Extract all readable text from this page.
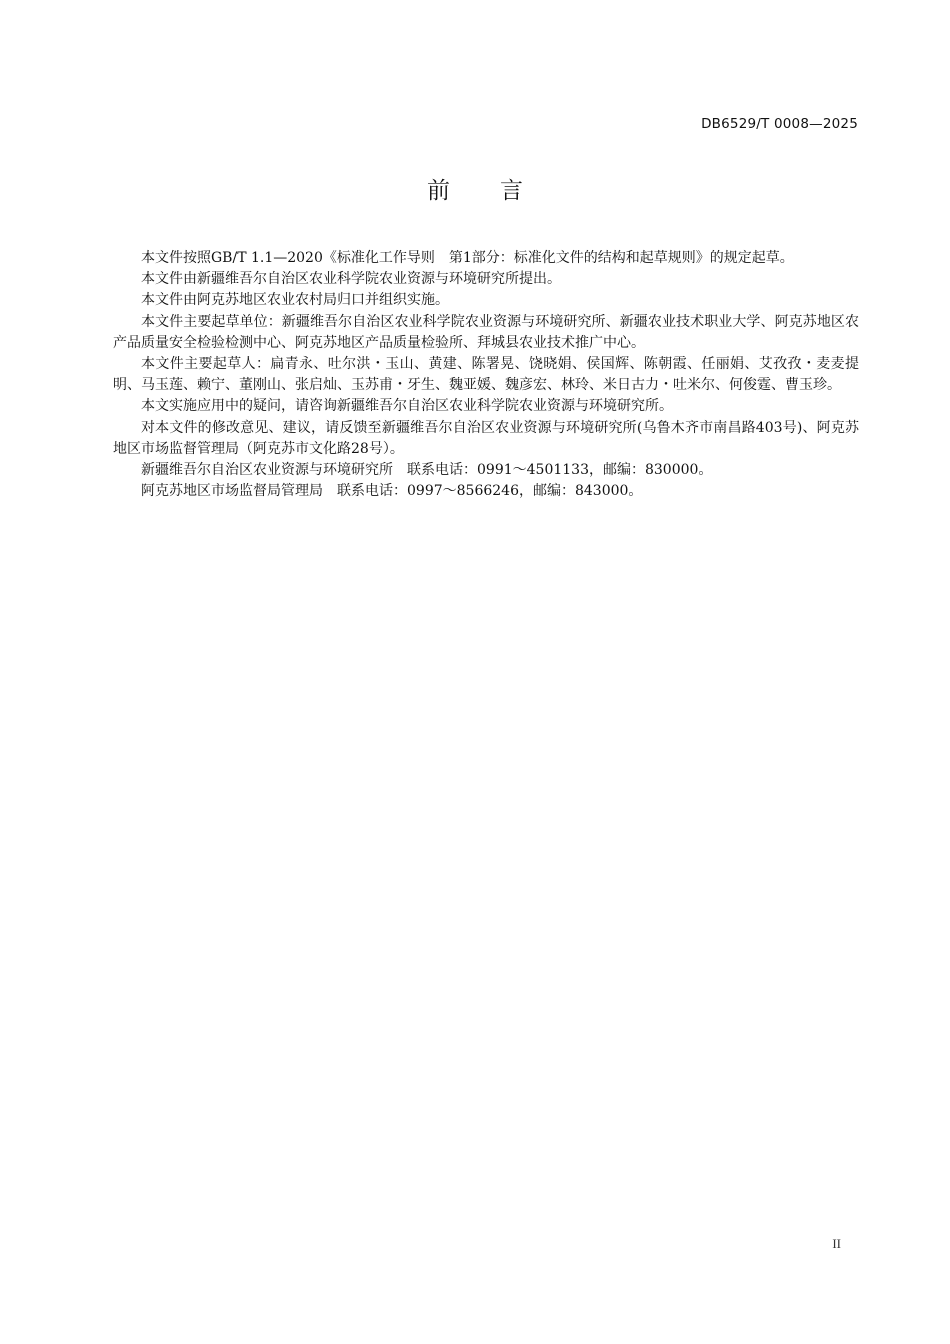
DB6529/T 0008—2025
前言

本文件按照GB/T 1.1—2020《标准化工作导则　第1部分：标准化文件的结构和起草规则》的规定起草。

本文件由新疆维吾尔自治区农业科学院农业资源与环境研究所提出。

本文件由阿克苏地区农业农村局归口并组织实施。

本文件主要起草单位：新疆维吾尔自治区农业科学院农业资源与环境研究所、新疆农业技术职业大学、阿克苏地区农产品质量安全检验检测中心、阿克苏地区产品质量检验所、拜城县农业技术推广中心。

本文件主要起草人：扁青永、吐尔洪・玉山、黄建、陈署晃、饶晓娟、侯国辉、陈朝霞、任丽娟、艾孜孜・麦麦提明、马玉莲、赖宁、董刚山、张启灿、玉苏甫・牙生、魏亚媛、魏彦宏、林玲、米日古力・吐米尔、何俊霆、曹玉珍。

本文实施应用中的疑问，请咨询新疆维吾尔自治区农业科学院农业资源与环境研究所。

对本文件的修改意见、建议，请反馈至新疆维吾尔自治区农业资源与环境研究所(乌鲁木齐市南昌路403号)、阿克苏地区市场监督管理局（阿克苏市文化路28号）。

新疆维吾尔自治区农业资源与环境研究所　联系电话：0991～4501133，邮编：830000。

阿克苏地区市场监督局管理局　联系电话：0997～8566246，邮编：843000。

II
